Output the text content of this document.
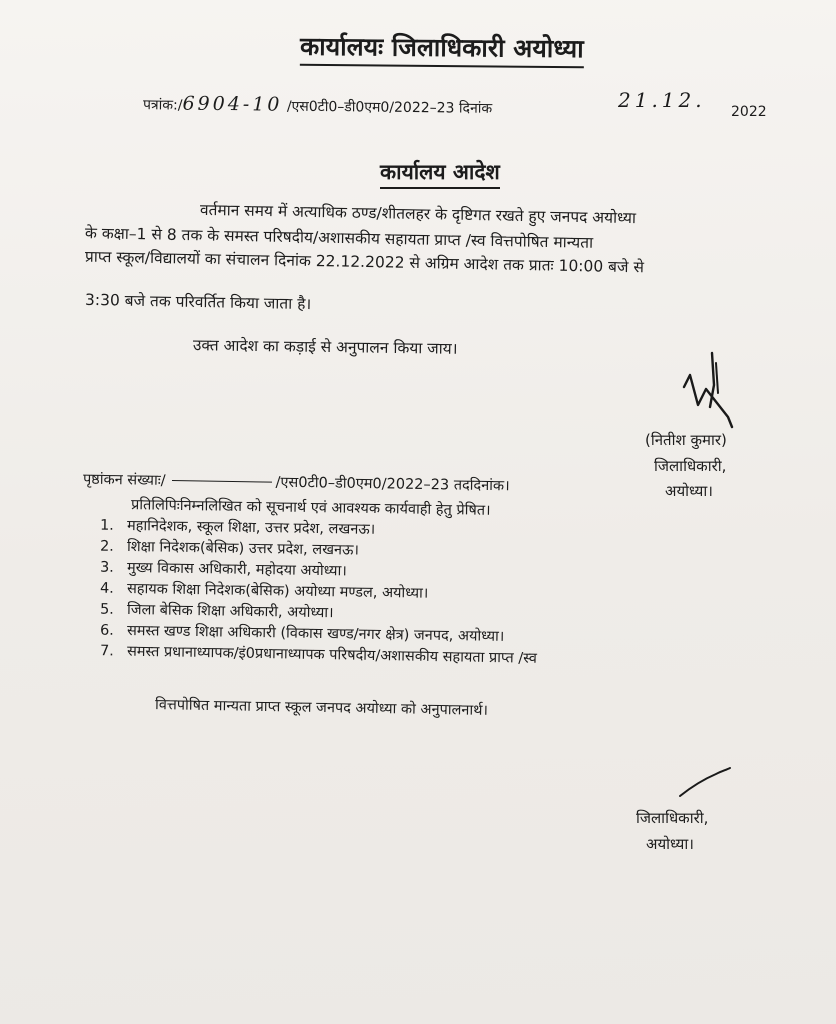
कार्यालयः जिलाधिकारी अयोध्या
पत्रांक:/6904-10 /एस0टी0–डी0एम0/2022–23 दिनांक	21.12. 2022
कार्यालय आदेश
वर्तमान समय में अत्याधिक ठण्ड/शीतलहर के दृष्टिगत रखते हुए जनपद अयोध्या
के कक्षा–1 से 8 तक के समस्त परिषदीय/अशासकीय सहायता प्राप्त /स्व वित्तपोषित मान्यता
प्राप्त स्कूल/विद्यालयों का संचालन दिनांक 22.12.2022 से अग्रिम आदेश तक प्रातः 10:00 बजे से
3:30 बजे तक परिवर्तित किया जाता है।
उक्त आदेश का कड़ाई से अनुपालन किया जाय।
(नितीश कुमार)
जिलाधिकारी,
अयोध्या।
पृष्ठांकन संख्याः/	/एस0टी0–डी0एम0/2022–23 तददिनांक।
प्रतिलिपिःनिम्नलिखित को सूचनार्थ एवं आवश्यक कार्यवाही हेतु प्रेषित।
1. महानिदेशक, स्कूल शिक्षा, उत्तर प्रदेश, लखनऊ।
2. शिक्षा निदेशक(बेसिक) उत्तर प्रदेश, लखनऊ।
3. मुख्य विकास अधिकारी, महोदया अयोध्या।
4. सहायक शिक्षा निदेशक(बेसिक) अयोध्या मण्डल, अयोध्या।
5. जिला बेसिक शिक्षा अधिकारी, अयोध्या।
6. समस्त खण्ड शिक्षा अधिकारी (विकास खण्ड/नगर क्षेत्र) जनपद, अयोध्या।
7. समस्त प्रधानाध्यापक/इं0प्रधानाध्यापक परिषदीय/अशासकीय सहायता प्राप्त /स्व
वित्तपोषित मान्यता प्राप्त स्कूल जनपद अयोध्या को अनुपालनार्थ।
जिलाधिकारी,
अयोध्या।
